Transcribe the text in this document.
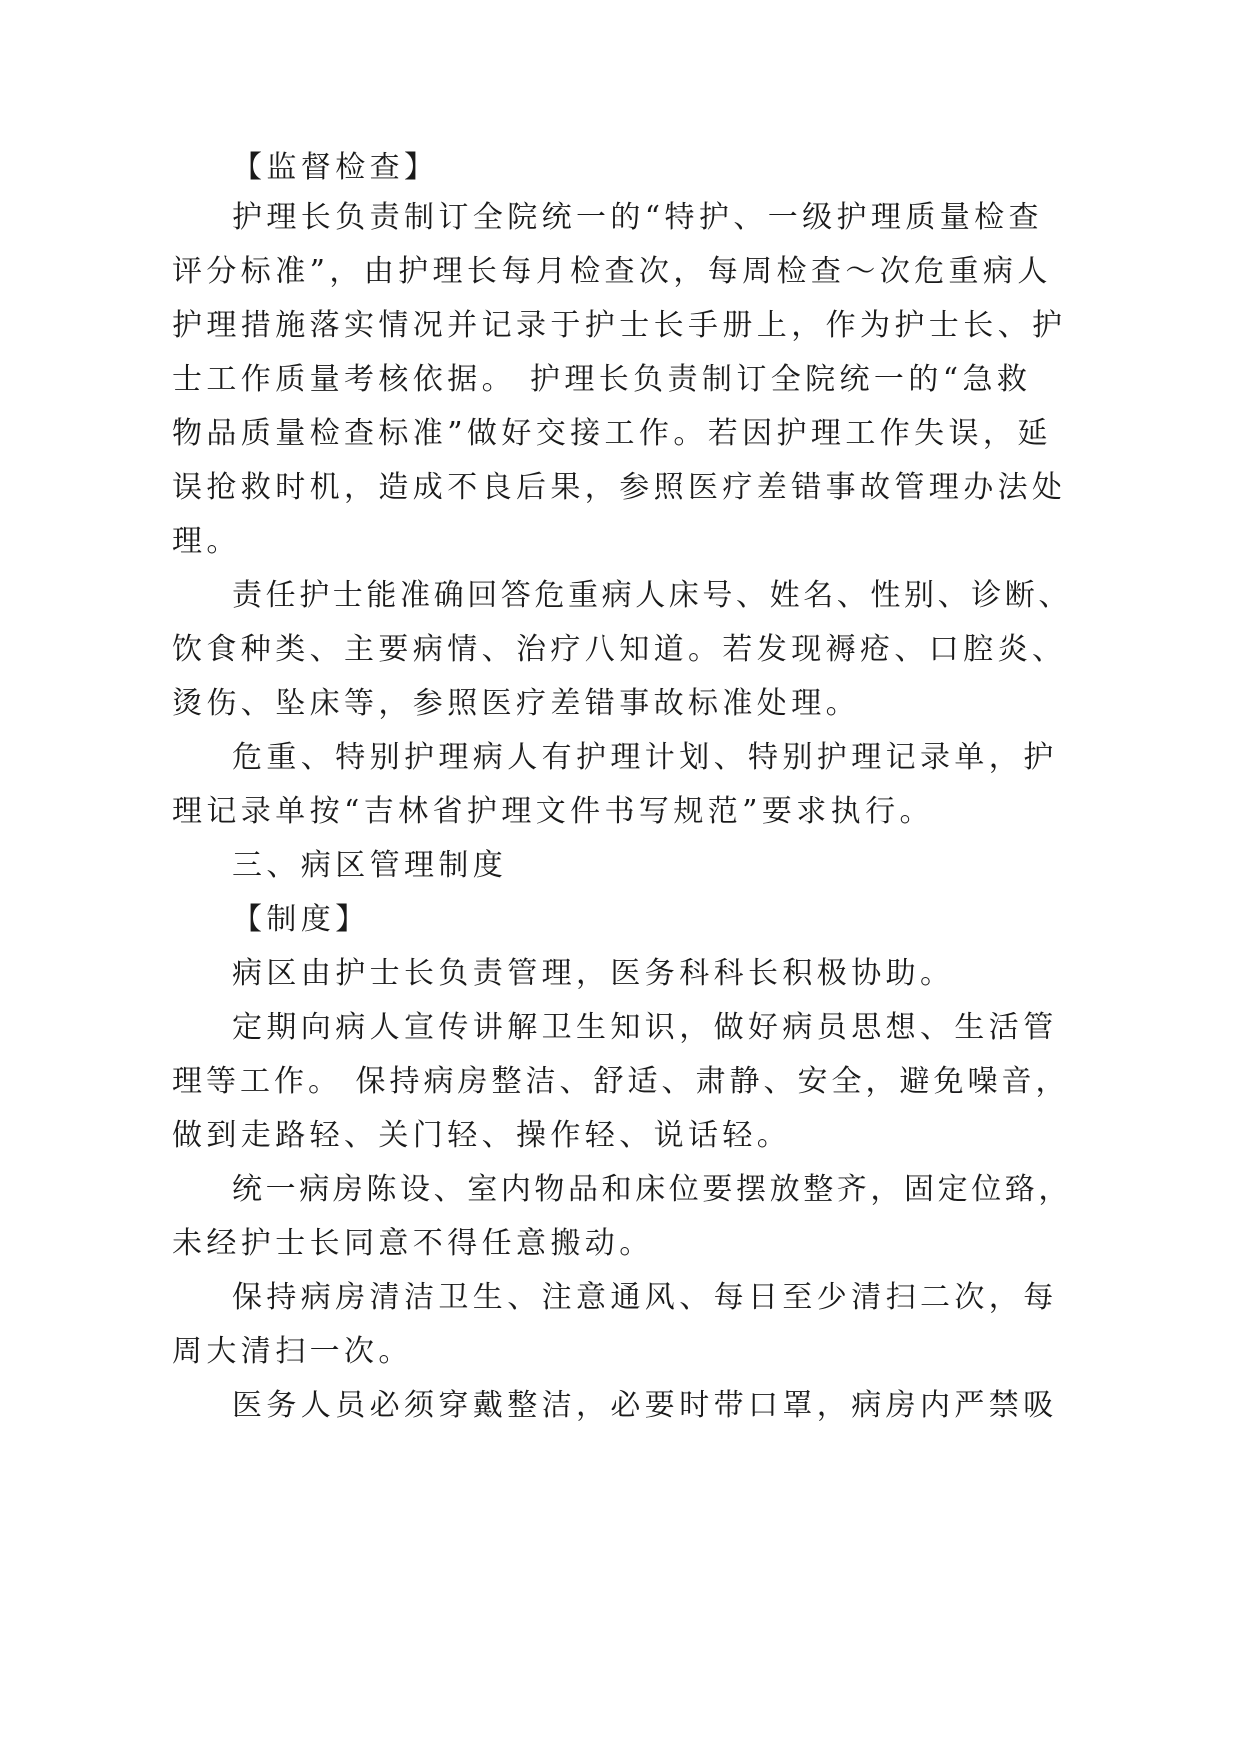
【监督检查】
护理长负责制订全院统一的“特护、一级护理质量检查
评分标准”，由护理长每月检查次，每周检查～次危重病人
护理措施落实情况并记录于护士长手册上，作为护士长、护
士工作质量考核依据。 护理长负责制订全院统一的“急救
物品质量检查标准”做好交接工作。若因护理工作失误，延
误抢救时机，造成不良后果，参照医疗差错事故管理办法处
理。
责任护士能准确回答危重病人床号、姓名、性别、诊断、
饮食种类、主要病情、治疗八知道。若发现褥疮、口腔炎、
烫伤、坠床等，参照医疗差错事故标准处理。
危重、特别护理病人有护理计划、特别护理记录单，护
理记录单按“吉林省护理文件书写规范”要求执行。
三、病区管理制度
【制度】
病区由护士长负责管理，医务科科长积极协助。
定期向病人宣传讲解卫生知识，做好病员思想、生活管
理等工作。 保持病房整洁、舒适、肃静、安全，避免噪音，
做到走路轻、关门轻、操作轻、说话轻。
统一病房陈设、室内物品和床位要摆放整齐，固定位臵，
未经护士长同意不得任意搬动。
保持病房清洁卫生、注意通风、每日至少清扫二次，每
周大清扫一次。
医务人员必须穿戴整洁，必要时带口罩，病房内严禁吸
